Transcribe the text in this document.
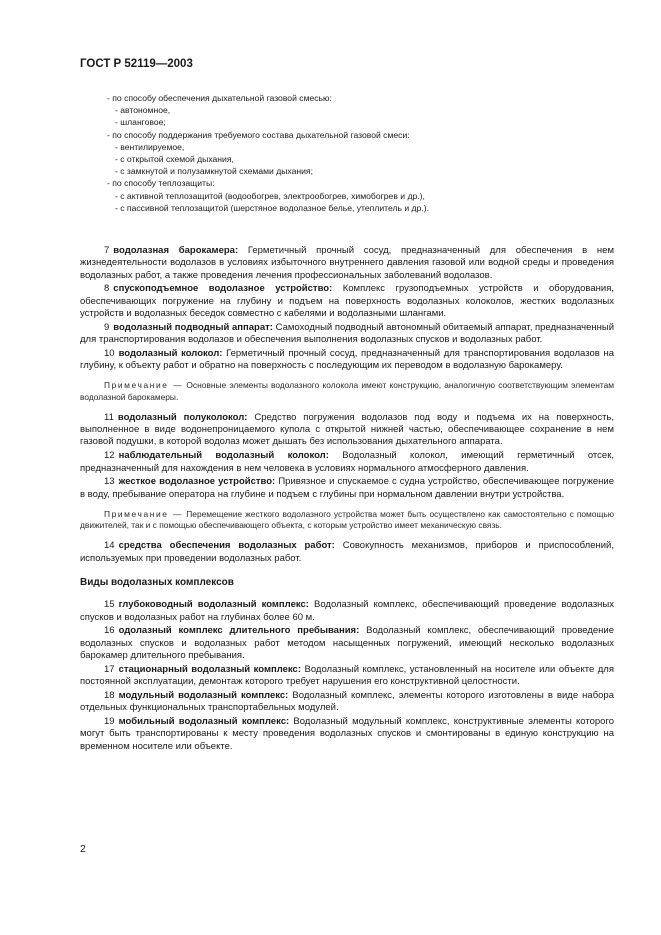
ГОСТ Р 52119—2003
- по способу обеспечения дыхательной газовой смесью:
- автономное,
- шланговое;
- по способу поддержания требуемого состава дыхательной газовой смеси:
- вентилируемое,
- с открытой схемой дыхания,
- с замкнутой и полузамкнутой схемами дыхания;
- по способу теплозащиты:
- с активной теплозащитой (водообогрев, электрообогрев, химобогрев и др.),
- с пассивной теплозащитой (шерстяное водолазное белье, утеплитель и др.).

7 водолазная барокамера: Герметичный прочный сосуд, предназначенный для обеспечения в нем жизнедеятельности водолазов в условиях избыточного внутреннего давления газовой или водной среды и проведения водолазных работ, а также проведения лечения профессиональных заболеваний водолазов.

8 спускоподъемное водолазное устройство: Комплекс грузоподъемных устройств и оборудования, обеспечивающих погружение на глубину и подъем на поверхность водолазных колоколов, жестких водолазных устройств и водолазных беседок совместно с кабелями и водолазными шлангами.

9 водолазный подводный аппарат: Самоходный подводный автономный обитаемый аппарат, предназначенный для транспортирования водолазов и обеспечения выполнения водолазных спусков и водолазных работ.

10 водолазный колокол: Герметичный прочный сосуд, предназначенный для транспортирования водолазов на глубину, к объекту работ и обратно на поверхность с последующим их переводом в водолазную барокамеру.

Примечание — Основные элементы водолазного колокола имеют конструкцию, аналогичную соответствующим элементам водолазной барокамеры.

11 водолазный полуколокол: Средство погружения водолазов под воду и подъема их на поверхность, выполненное в виде водонепроницаемого купола с открытой нижней частью, обеспечивающее сохранение в нем газовой подушки, в которой водолаз может дышать без использования дыхательного аппарата.

12 наблюдательный водолазный колокол: Водолазный колокол, имеющий герметичный отсек, предназначенный для нахождения в нем человека в условиях нормального атмосферного давления.

13 жесткое водолазное устройство: Привязное и спускаемое с судна устройство, обеспечивающее погружение в воду, пребывание оператора на глубине и подъем с глубины при нормальном давлении внутри устройства.

Примечание — Перемещение жесткого водолазного устройства может быть осуществлено как самостоятельно с помощью движителей, так и с помощью обеспечивающего объекта, с которым устройство имеет механическую связь.

14 средства обеспечения водолазных работ: Совокупность механизмов, приборов и приспособлений, используемых при проведении водолазных работ.

Виды водолазных комплексов

15 глубоководный водолазный комплекс: Водолазный комплекс, обеспечивающий проведение водолазных спусков и водолазных работ на глубинах более 60 м.

16 одолазный комплекс длительного пребывания: Водолазный комплекс, обеспечивающий проведение водолазных спусков и водолазных работ методом насыщенных погружений, имеющий несколько водолазных барокамер длительного пребывания.

17 стационарный водолазный комплекс: Водолазный комплекс, установленный на носителе или объекте для постоянной эксплуатации, демонтаж которого требует нарушения его конструктивной целостности.

18 модульный водолазный комплекс: Водолазный комплекс, элементы которого изготовлены в виде набора отдельных функциональных транспортабельных модулей.

19 мобильный водолазный комплекс: Водолазный модульный комплекс, конструктивные элементы которого могут быть транспортированы к месту проведения водолазных спусков и смонтированы в единую конструкцию на временном носителе или объекте.

2
